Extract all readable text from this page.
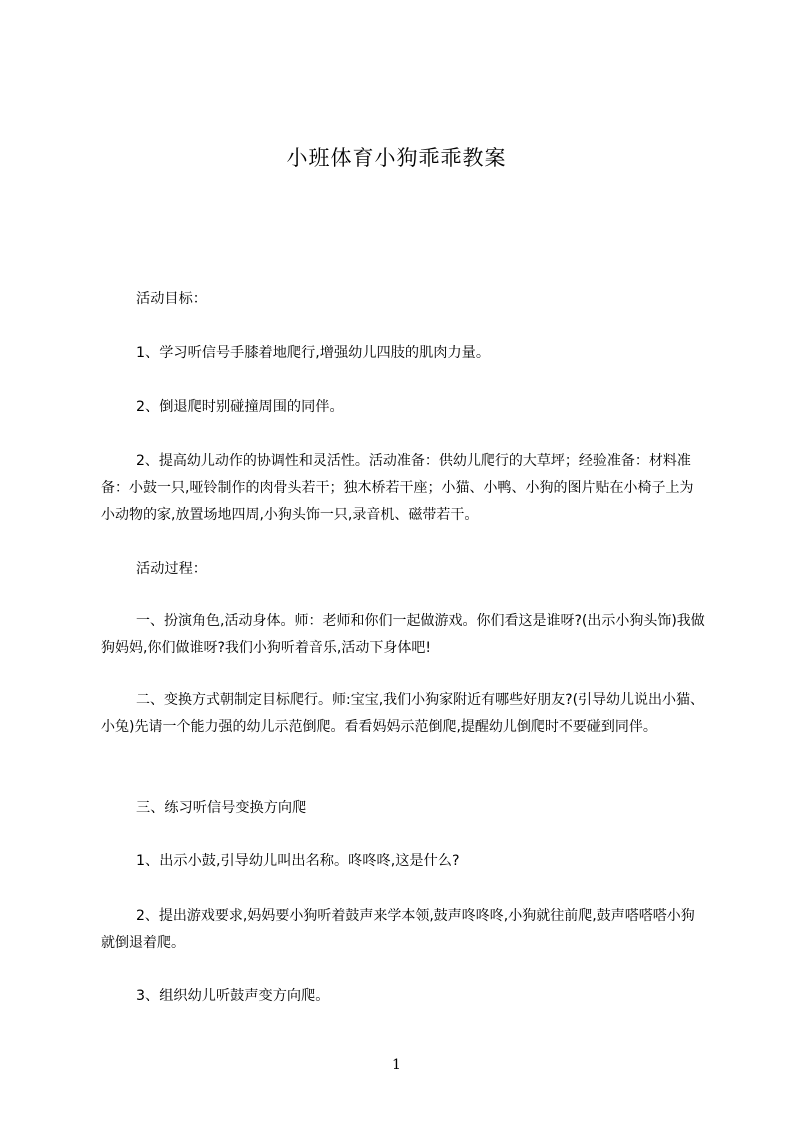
小班体育小狗乖乖教案
活动目标：
1、学习听信号手膝着地爬行,增强幼儿四肢的肌肉力量。
2、倒退爬时别碰撞周围的同伴。
2、提高幼儿动作的协调性和灵活性。活动准备：供幼儿爬行的大草坪；经验准备：材料准备：小鼓一只,哑铃制作的肉骨头若干；独木桥若干座；小猫、小鸭、小狗的图片贴在小椅子上为小动物的家,放置场地四周,小狗头饰一只,录音机、磁带若干。
活动过程：
一、扮演角色,活动身体。师：老师和你们一起做游戏。你们看这是谁呀?(出示小狗头饰)我做狗妈妈,你们做谁呀?我们小狗听着音乐,活动下身体吧!
二、变换方式朝制定目标爬行。师:宝宝,我们小狗家附近有哪些好朋友?(引导幼儿说出小猫、小兔)先请一个能力强的幼儿示范倒爬。看看妈妈示范倒爬,提醒幼儿倒爬时不要碰到同伴。
三、练习听信号变换方向爬
1、出示小鼓,引导幼儿叫出名称。咚咚咚,这是什么?
2、提出游戏要求,妈妈要小狗听着鼓声来学本领,鼓声咚咚咚,小狗就往前爬,鼓声嗒嗒嗒小狗就倒退着爬。
3、组织幼儿听鼓声变方向爬。
1
